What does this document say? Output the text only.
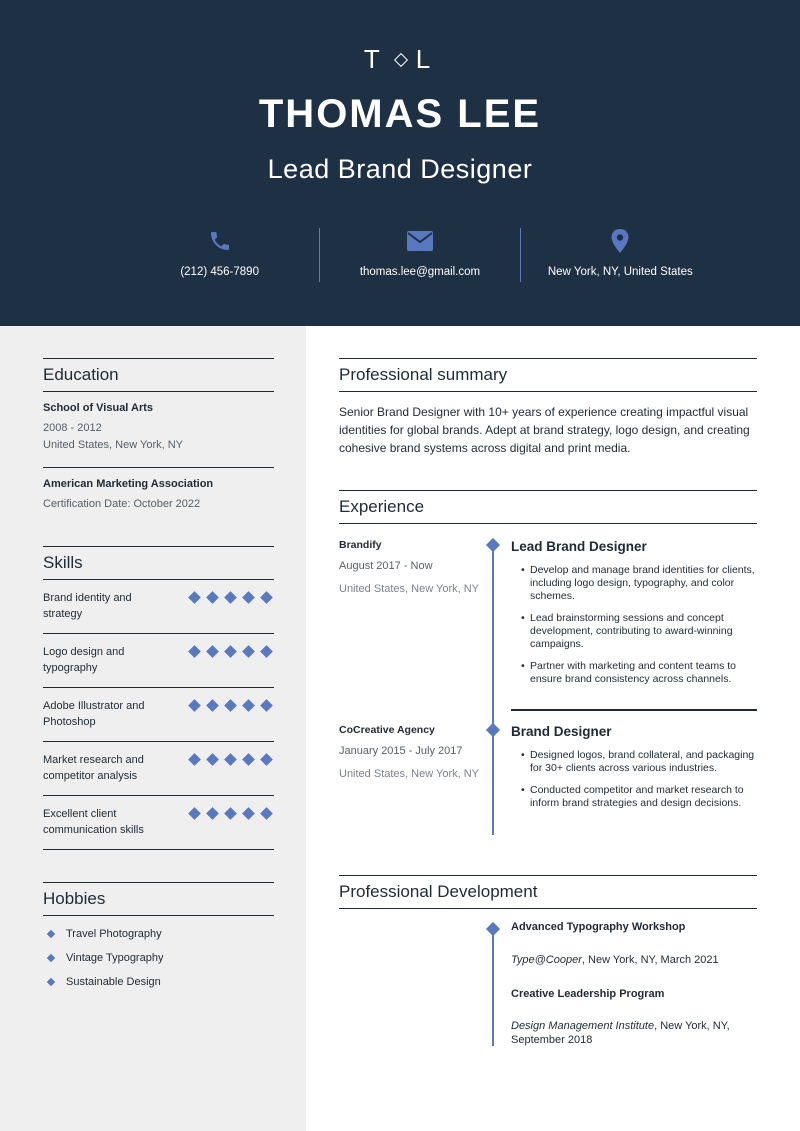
T L
THOMAS LEE
Lead Brand Designer
(212) 456-7890	thomas.lee@gmail.com	New York, NY, United States
Education
School of Visual Arts
2008 - 2012
United States, New York, NY
American Marketing Association
Certification Date: October 2022
Skills
Brand identity and strategy
Logo design and typography
Adobe Illustrator and Photoshop
Market research and competitor analysis
Excellent client communication skills
Hobbies
Travel Photography
Vintage Typography
Sustainable Design
Professional summary
Senior Brand Designer with 10+ years of experience creating impactful visual identities for global brands. Adept at brand strategy, logo design, and creating cohesive brand systems across digital and print media.
Experience
Brandify
August 2017 - Now
United States, New York, NY
Lead Brand Designer
• Develop and manage brand identities for clients, including logo design, typography, and color schemes.
• Lead brainstorming sessions and concept development, contributing to award-winning campaigns.
• Partner with marketing and content teams to ensure brand consistency across channels.
CoCreative Agency
January 2015 - July 2017
United States, New York, NY
Brand Designer
• Designed logos, brand collateral, and packaging for 30+ clients across various industries.
• Conducted competitor and market research to inform brand strategies and design decisions.
Professional Development
Advanced Typography Workshop
Type@Cooper, New York, NY, March 2021
Creative Leadership Program
Design Management Institute, New York, NY, September 2018
